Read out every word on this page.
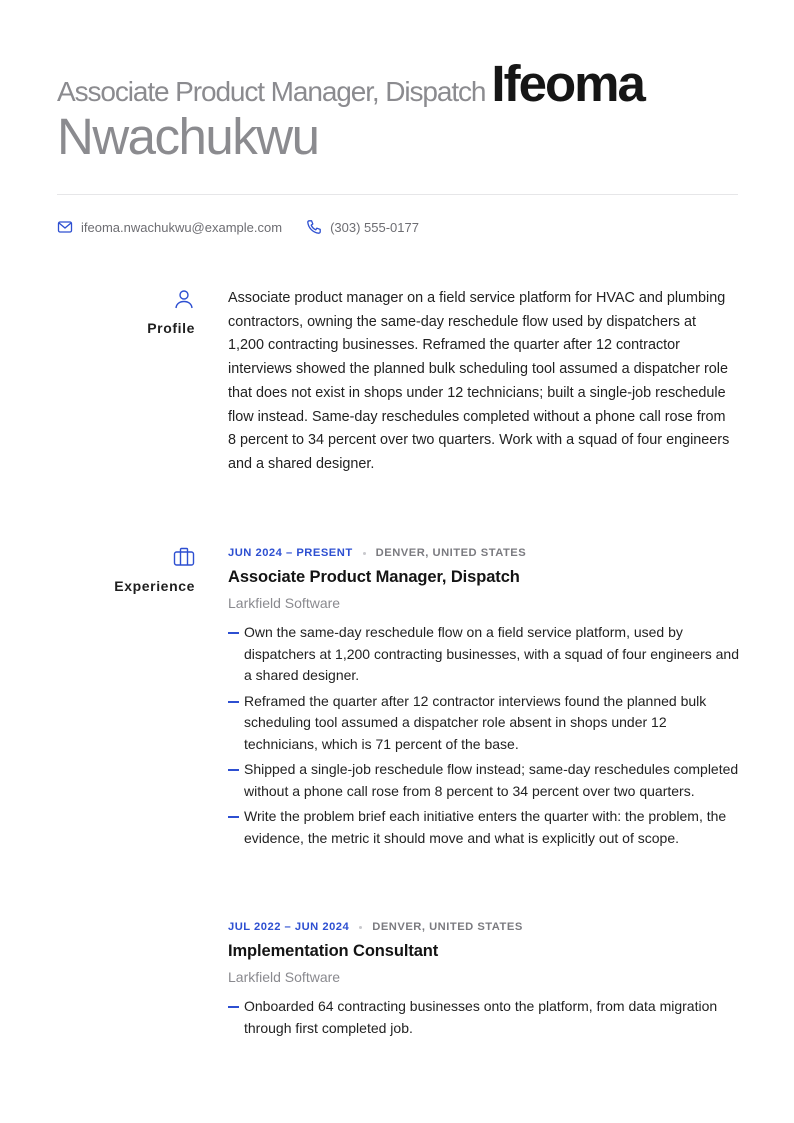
Associate Product Manager, Dispatch Ifeoma
Nwachukwu
ifeoma.nwachukwu@example.com	(303) 555-0177
Profile
Associate product manager on a field service platform for HVAC and plumbing contractors, owning the same-day reschedule flow used by dispatchers at 1,200 contracting businesses. Reframed the quarter after 12 contractor interviews showed the planned bulk scheduling tool assumed a dispatcher role that does not exist in shops under 12 technicians; built a single-job reschedule flow instead. Same-day reschedules completed without a phone call rose from 8 percent to 34 percent over two quarters. Work with a squad of four engineers and a shared designer.
Experience
JUN 2024 – PRESENT DENVER, UNITED STATES
Associate Product Manager, Dispatch
Larkfield Software
Own the same-day reschedule flow on a field service platform, used by dispatchers at 1,200 contracting businesses, with a squad of four engineers and a shared designer.
Reframed the quarter after 12 contractor interviews found the planned bulk scheduling tool assumed a dispatcher role absent in shops under 12 technicians, which is 71 percent of the base.
Shipped a single-job reschedule flow instead; same-day reschedules completed without a phone call rose from 8 percent to 34 percent over two quarters.
Write the problem brief each initiative enters the quarter with: the problem, the evidence, the metric it should move and what is explicitly out of scope.
JUL 2022 – JUN 2024 DENVER, UNITED STATES
Implementation Consultant
Larkfield Software
Onboarded 64 contracting businesses onto the platform, from data migration through first completed job.
